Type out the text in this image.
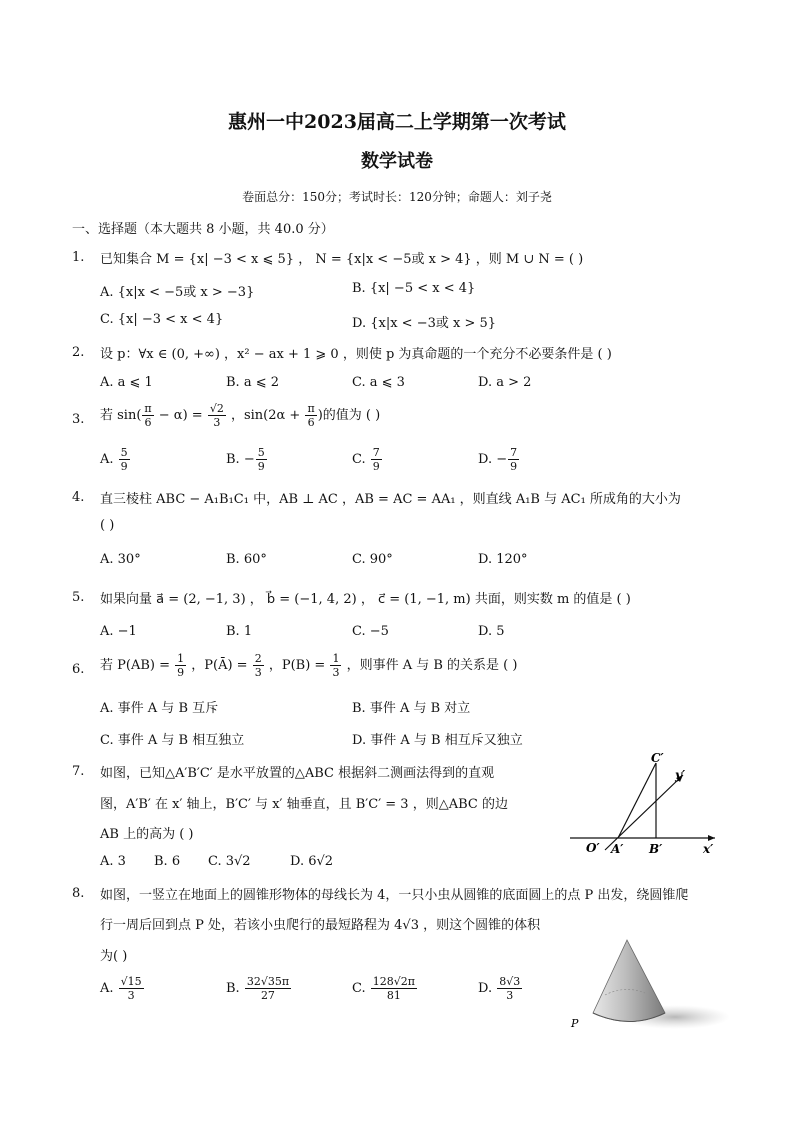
惠州一中2023届高二上学期第一次考试
数学试卷
卷面总分：150分；考试时长：120分钟；命题人：刘子尧
一、选择题（本大题共 8 小题，共 40.0 分）
1. 已知集合 M = {x| −3 < x ⩽ 5} ， N = {x|x < −5或 x > 4} ，则 M ∪ N = ( )
A. {x|x < −5或 x > −3}	B. {x| −5 < x < 4}
C. {x| −3 < x < 4}	D. {x|x < −3或 x > 5}
2. 设 p：∀x ∈ (0, +∞) ，x² − ax + 1 ⩾ 0 ，则使 p 为真命题的一个充分不必要条件是 ( )
A. a ⩽ 1	B. a ⩽ 2	C. a ⩽ 3	D. a > 2
3. 若 $\sin( \frac{\pi}{6} - \alpha) = \frac{√2}{3}$ ，$\sin(2\alpha + \frac{\pi}{6}$ )的值为 ( )
A. $\frac{5}{9}$	B. − $\frac{5}{9}$	C. $\frac{7}{9}$	D. − $\frac{7}{9}$
4. 直三棱柱 ABC − A₁B₁C₁ 中，AB ⊥ AC ，AB = AC = AA₁ ，则直线 A₁B 与 AC₁ 所成角的大小为
( )
A. 30°	B. 60°	C. 90°	D. 120°
5. 如果向量 a⃗ = (2, −1, 3) ， b⃗ = (−1, 4, 2) ， c⃗ = (1, −1, m) 共面，则实数 m 的值是 ( )
A. −1	B. 1	C. −5	D. 5
6. 若 $P(AB) = \frac{1}{9}$ ，P(Ā) = $\frac{2}{3}$ ，$P(B) = \frac{1}{3}$ ，则事件 A 与 B 的关系是 ( )
A. 事件 A 与 B 互斥	B. 事件 A 与 B 对立
C. 事件 A 与 B 相互独立	D. 事件 A 与 B 相互斥又独立
7. 如图，已知△A′B′C′ 是水平放置的△ABC 根据斜二测画法得到的直观
图，A′B′ 在 x′ 轴上，B′C′ 与 x′ 轴垂直，且 B′C′ = 3 ，则△ABC 的边
AB 上的高为 ( )
A. 3 B. 6 C. 3√2	D. 6√2
C′
y′
O′ A′ B′	x′
8. 如图，一竖立在地面上的圆锥形物体的母线长为 4，一只小虫从圆锥的底面圆上的点 P 出发，绕圆锥爬
行一周后回到点 P 处，若该小虫爬行的最短路程为 4√3 ，则这个圆锥的体积
为( )
A. $\frac{√15}{3}$	B. $\frac{32√35\pi}{27}$	C. $\frac{128√2\pi}{81}$	D. $\frac{8√3}{3}$
P
